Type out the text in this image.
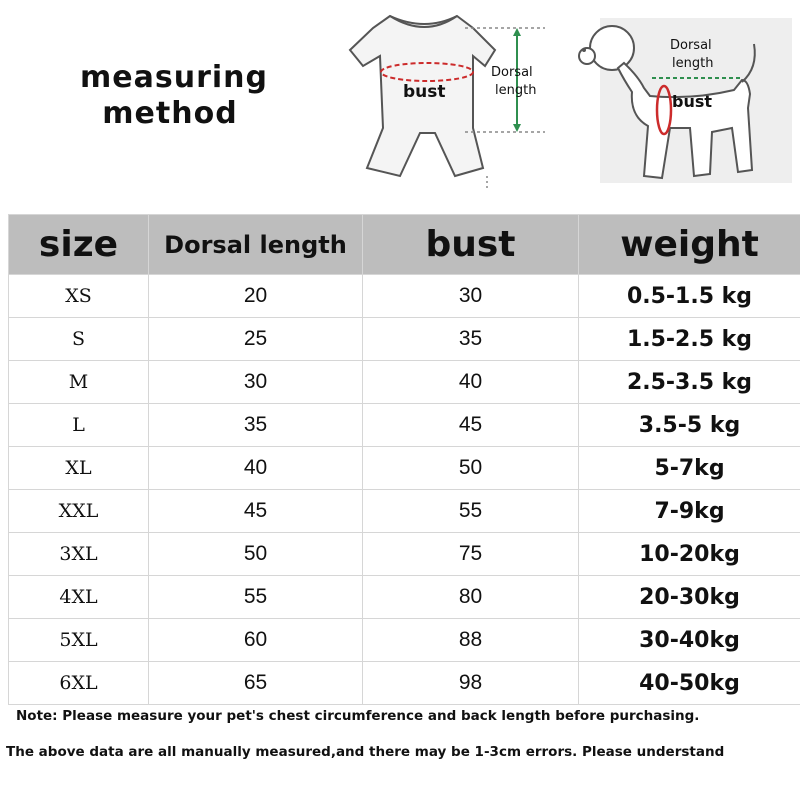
measuring
method
bust
Dorsal
length
Dorsal
length
bust
size	Dorsal length	bust	weight
XS	20	30	0.5-1.5 kg
S	25	35	1.5-2.5 kg
M	30	40	2.5-3.5 kg
L	35	45	3.5-5 kg
XL	40	50	5-7kg
XXL	45	55	7-9kg
3XL	50	75	10-20kg
4XL	55	80	20-30kg
5XL	60	88	30-40kg
6XL	65	98	40-50kg
Note: Please measure your pet's chest circumference and back length before purchasing.
The above data are all manually measured,and there may be 1-3cm errors. Please understand
